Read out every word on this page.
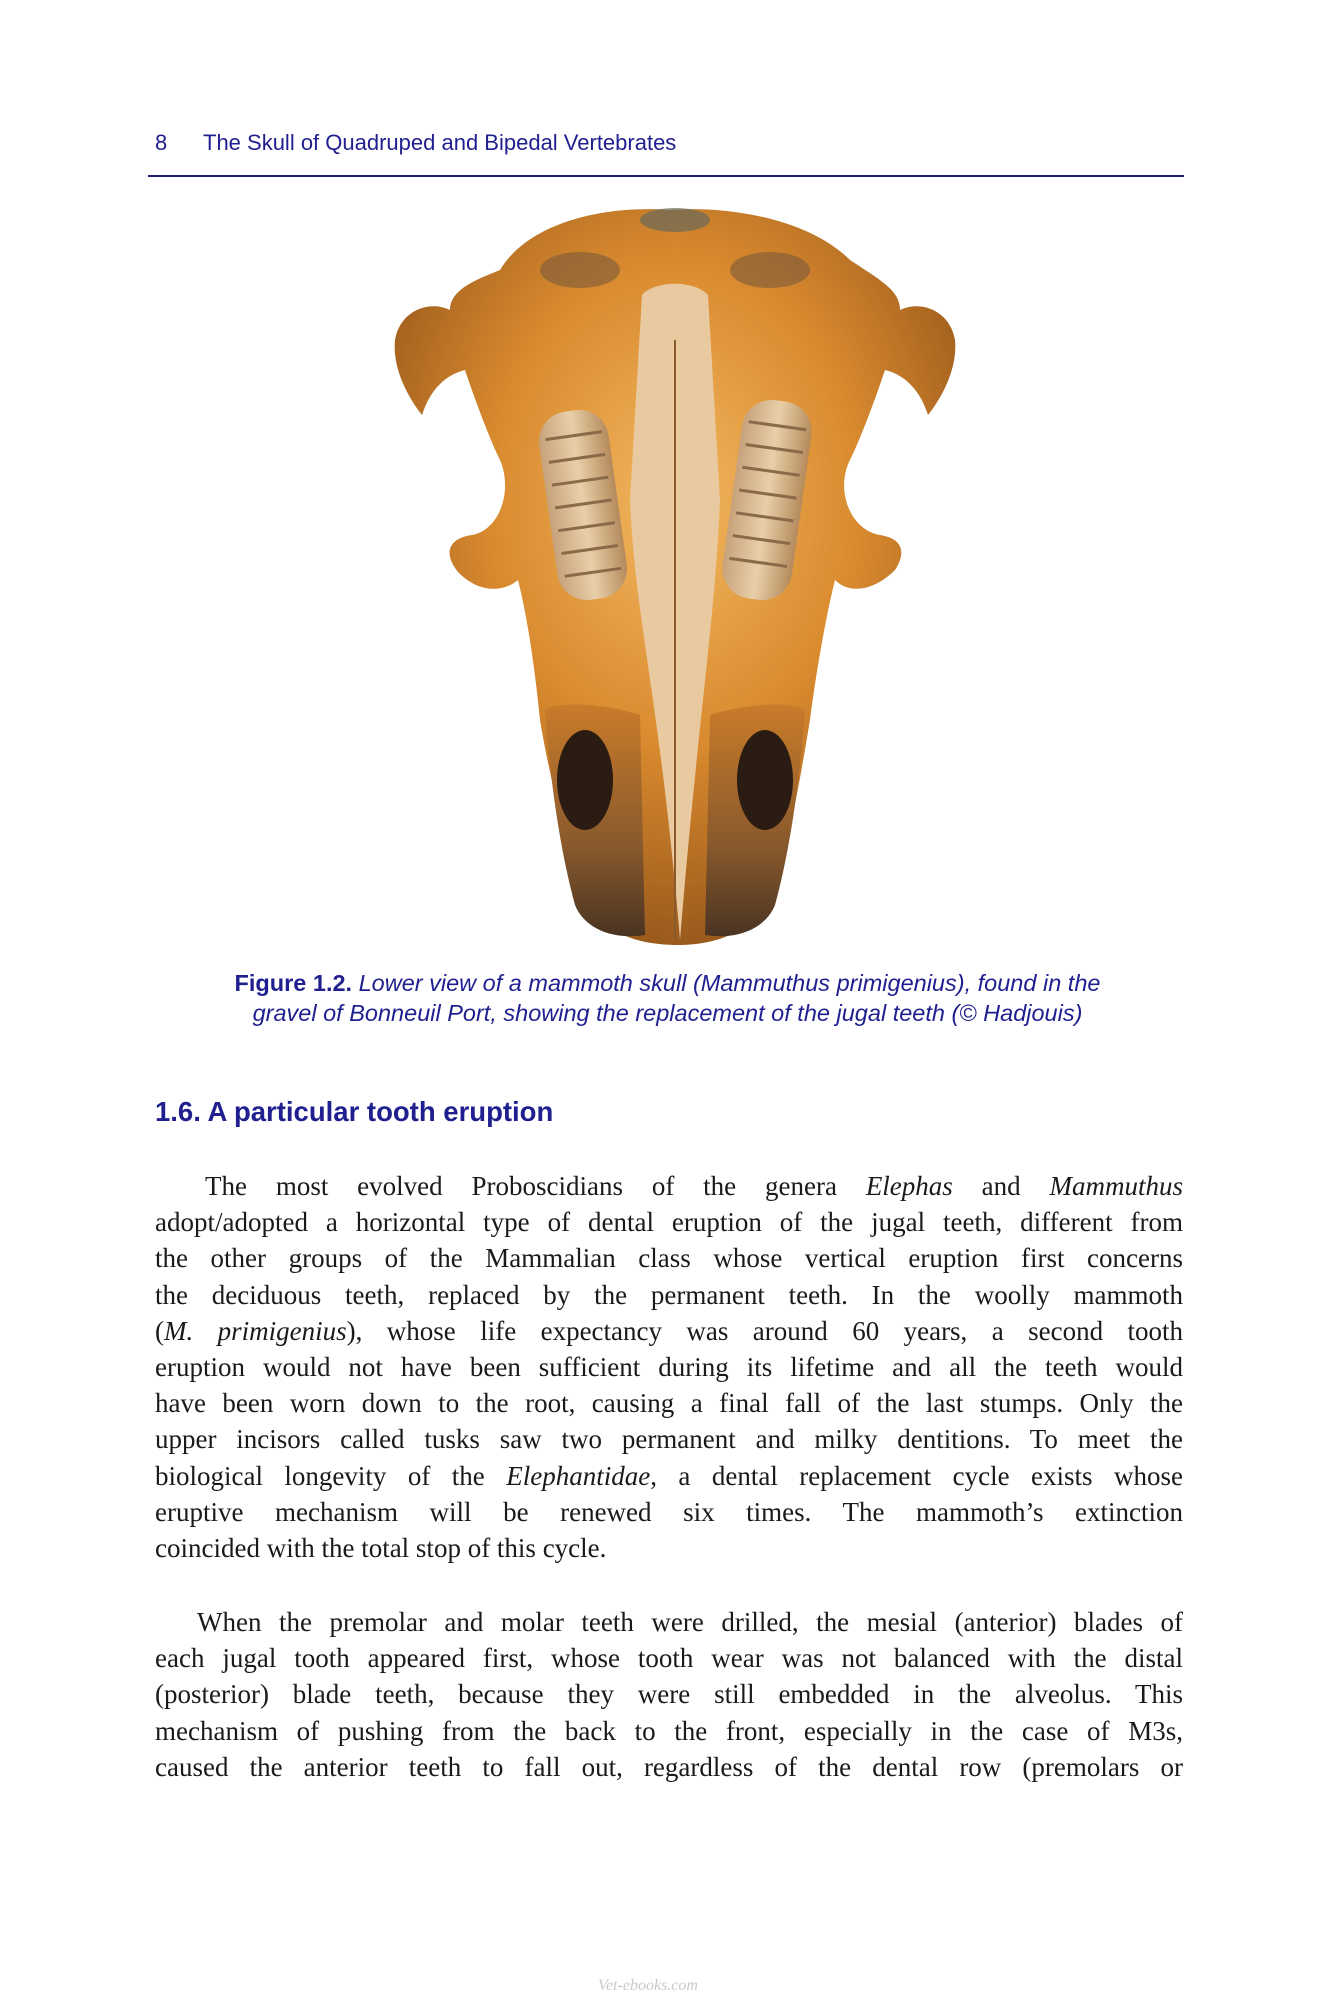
8 The Skull of Quadruped and Bipedal Vertebrates
Figure 1.2. Lower view of a mammoth skull (Mammuthus primigenius), found in the
gravel of Bonneuil Port, showing the replacement of the jugal teeth (© Hadjouis)
1.6. A particular tooth eruption
The most evolved Proboscidians of the genera Elephas and Mammuthus
adopt/adopted a horizontal type of dental eruption of the jugal teeth, different from
the other groups of the Mammalian class whose vertical eruption first concerns
the deciduous teeth, replaced by the permanent teeth. In the woolly mammoth
(M. primigenius), whose life expectancy was around 60 years, a second tooth
eruption would not have been sufficient during its lifetime and all the teeth would
have been worn down to the root, causing a final fall of the last stumps. Only the
upper incisors called tusks saw two permanent and milky dentitions. To meet the
biological longevity of the Elephantidae, a dental replacement cycle exists whose
eruptive mechanism will be renewed six times. The mammoth’s extinction
coincided with the total stop of this cycle.
When the premolar and molar teeth were drilled, the mesial (anterior) blades of
each jugal tooth appeared first, whose tooth wear was not balanced with the distal
(posterior) blade teeth, because they were still embedded in the alveolus. This
mechanism of pushing from the back to the front, especially in the case of M3s,
caused the anterior teeth to fall out, regardless of the dental row (premolars or
Vet-ebooks.com
